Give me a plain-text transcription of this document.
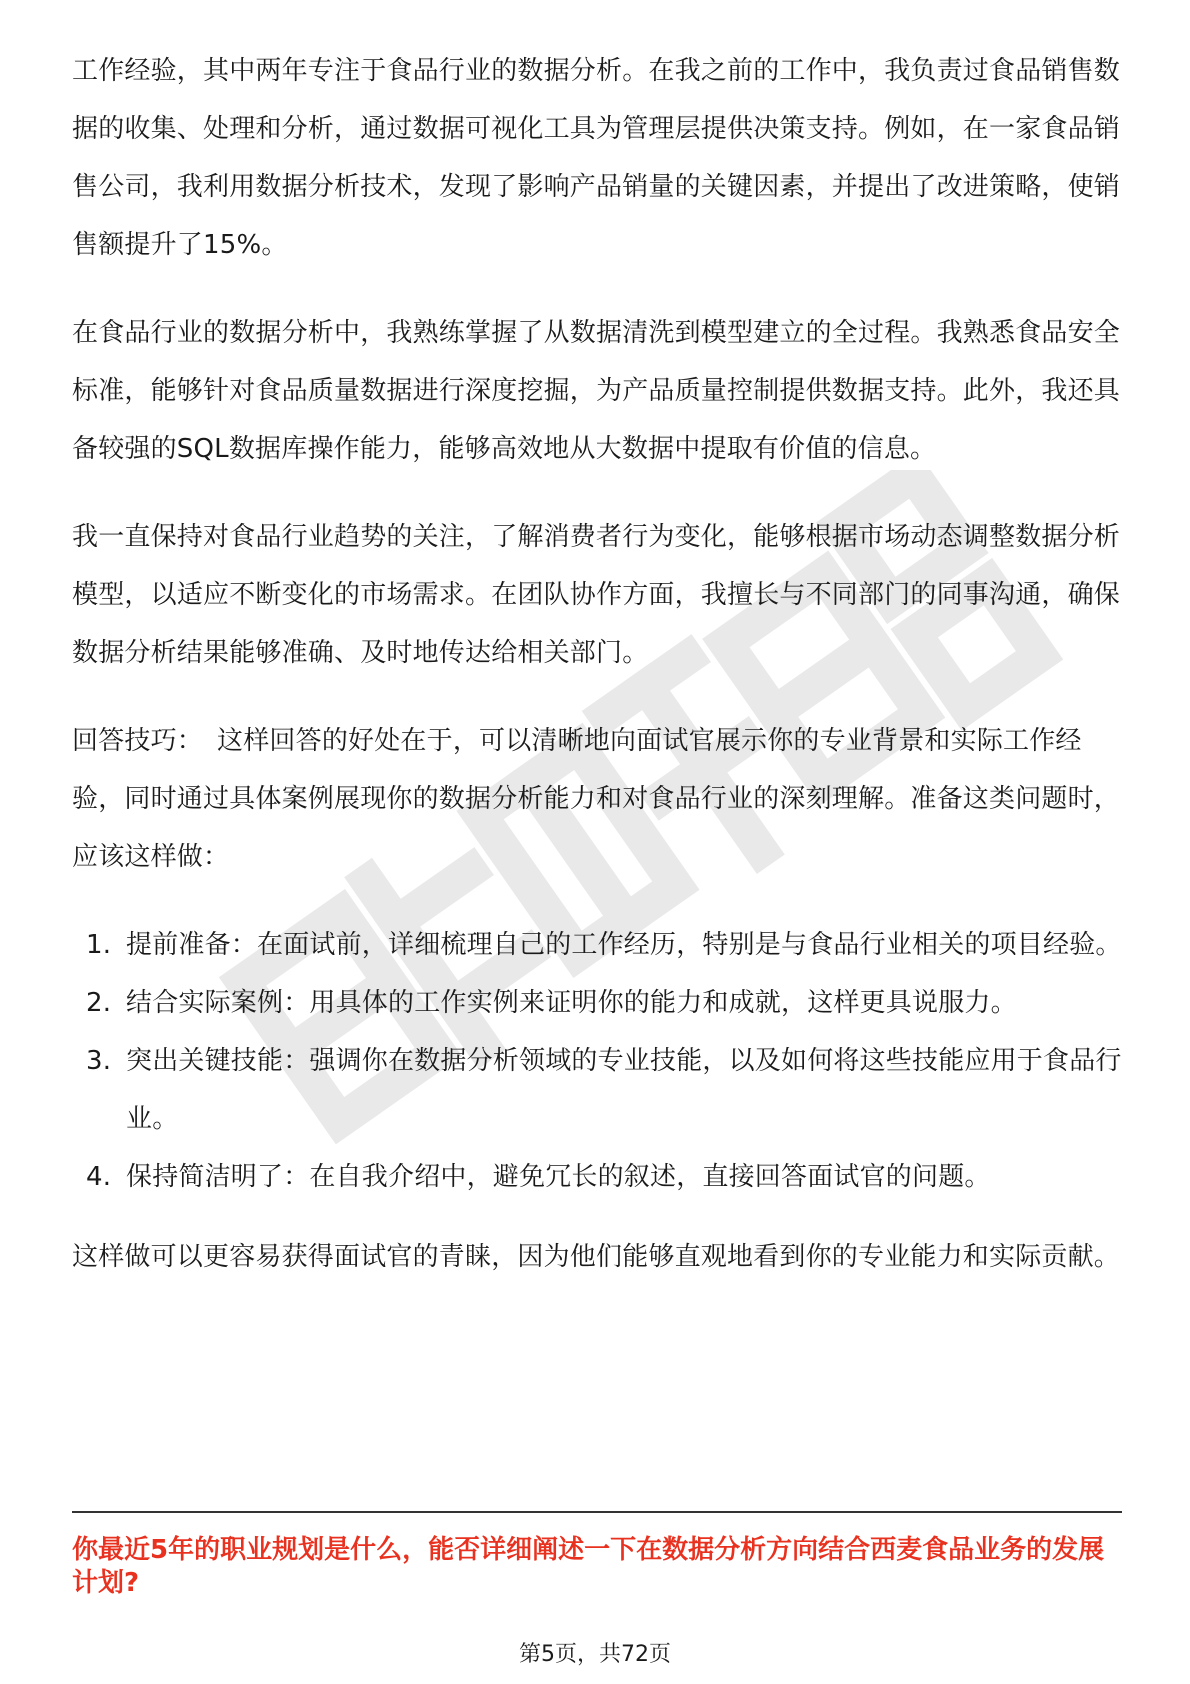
工作经验，其中两年专注于食品行业的数据分析。在我之前的工作中，我负责过食品销售数据的收集、处理和分析，通过数据可视化工具为管理层提供决策支持。例如，在一家食品销售公司，我利用数据分析技术，发现了影响产品销量的关键因素，并提出了改进策略，使销售额提升了15%。

在食品行业的数据分析中，我熟练掌握了从数据清洗到模型建立的全过程。我熟悉食品安全标准，能够针对食品质量数据进行深度挖掘，为产品质量控制提供数据支持。此外，我还具备较强的SQL数据库操作能力，能够高效地从大数据中提取有价值的信息。

我一直保持对食品行业趋势的关注，了解消费者行为变化，能够根据市场动态调整数据分析模型，以适应不断变化的市场需求。在团队协作方面，我擅长与不同部门的同事沟通，确保数据分析结果能够准确、及时地传达给相关部门。

回答技巧： 这样回答的好处在于，可以清晰地向面试官展示你的专业背景和实际工作经验，同时通过具体案例展现你的数据分析能力和对食品行业的深刻理解。准备这类问题时，应该这样做：

1. 提前准备：在面试前，详细梳理自己的工作经历，特别是与食品行业相关的项目经验。
2. 结合实际案例：用具体的工作实例来证明你的能力和成就，这样更具说服力。
3. 突出关键技能：强调你在数据分析领域的专业技能，以及如何将这些技能应用于食品行业。
4. 保持简洁明了：在自我介绍中，避免冗长的叙述，直接回答面试官的问题。

这样做可以更容易获得面试官的青睐，因为他们能够直观地看到你的专业能力和实际贡献。

你最近5年的职业规划是什么，能否详细阐述一下在数据分析方向结合西麦食品业务的发展计划?
第5页，共72页
